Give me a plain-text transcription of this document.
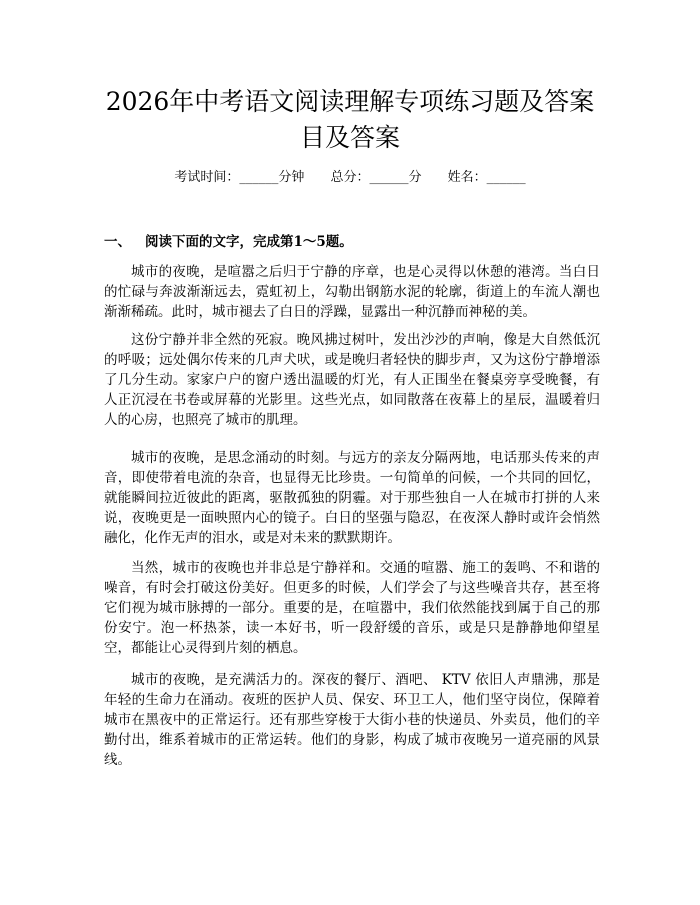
2026年中考语文阅读理解专项练习题及答案
目及答案
考试时间：______分钟 总分：______分 姓名：______
一、 阅读下面的文字，完成第1～5题。

城市的夜晚，是喧嚣之后归于宁静的序章，也是心灵得以休憩的港湾。当白日的忙碌与奔波渐渐远去，霓虹初上，勾勒出钢筋水泥的轮廓，街道上的车流人潮也渐渐稀疏。此时，城市褪去了白日的浮躁，显露出一种沉静而神秘的美。

这份宁静并非全然的死寂。晚风拂过树叶，发出沙沙的声响，像是大自然低沉的呼吸；远处偶尔传来的几声犬吠，或是晚归者轻快的脚步声，又为这份宁静增添了几分生动。家家户户的窗户透出温暖的灯光，有人正围坐在餐桌旁享受晚餐，有人正沉浸在书卷或屏幕的光影里。这些光点，如同散落在夜幕上的星辰，温暖着归人的心房，也照亮了城市的肌理。

城市的夜晚，是思念涌动的时刻。与远方的亲友分隔两地，电话那头传来的声音，即使带着电流的杂音，也显得无比珍贵。一句简单的问候，一个共同的回忆，就能瞬间拉近彼此的距离，驱散孤独的阴霾。对于那些独自一人在城市打拼的人来说，夜晚更是一面映照内心的镜子。白日的坚强与隐忍，在夜深人静时或许会悄然融化，化作无声的泪水，或是对未来的默默期许。

当然，城市的夜晚也并非总是宁静祥和。交通的喧嚣、施工的轰鸣、不和谐的噪音，有时会打破这份美好。但更多的时候，人们学会了与这些噪音共存，甚至将它们视为城市脉搏的一部分。重要的是，在喧嚣中，我们依然能找到属于自己的那份安宁。泡一杯热茶，读一本好书，听一段舒缓的音乐，或是只是静静地仰望星空，都能让心灵得到片刻的栖息。

城市的夜晚，是充满活力的。深夜的餐厅、酒吧、 KTV 依旧人声鼎沸，那是年轻的生命力在涌动。夜班的医护人员、保安、环卫工人，他们坚守岗位，保障着城市在黑夜中的正常运行。还有那些穿梭于大街小巷的快递员、外卖员，他们的辛勤付出，维系着城市的正常运转。他们的身影，构成了城市夜晚另一道亮丽的风景线。
